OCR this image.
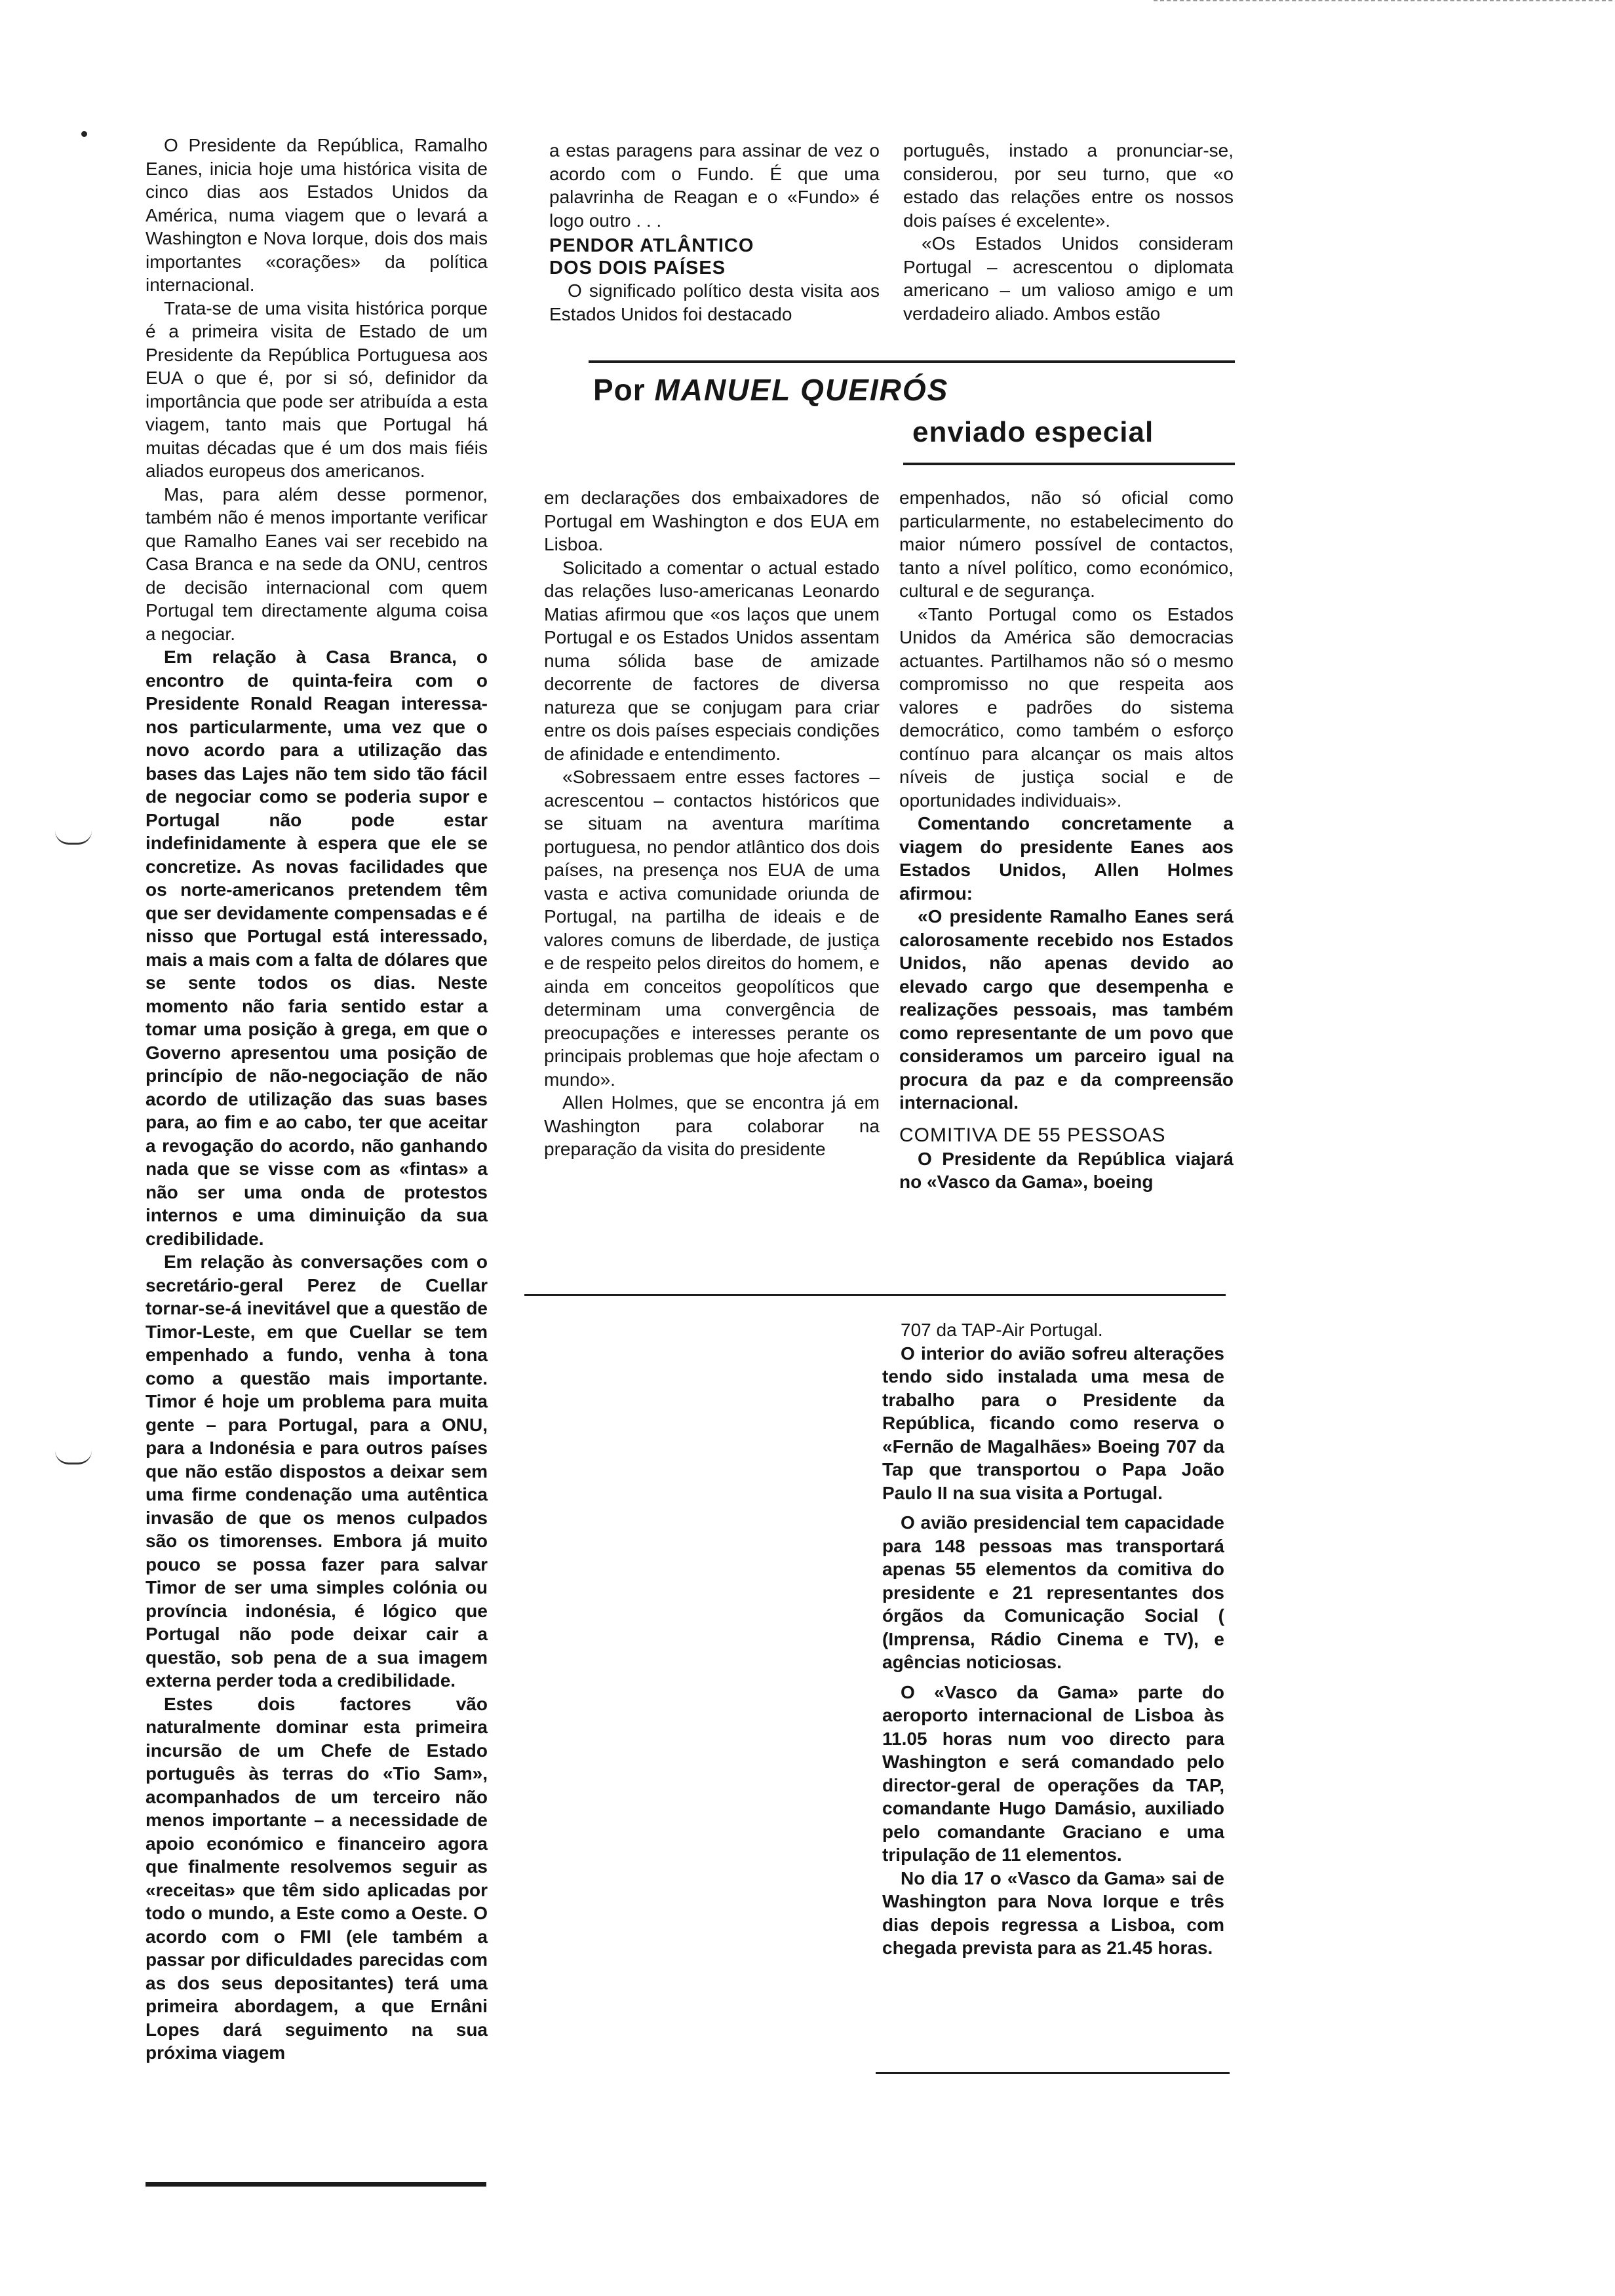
O Presidente da República, Ramalho Eanes, inicia hoje uma histórica visita de cinco dias aos Estados Unidos da América, numa viagem que o levará a Washington e Nova Iorque, dois dos mais importantes «corações» da política internacional.

Trata-se de uma visita histórica porque é a primeira visita de Estado de um Presidente da República Portuguesa aos EUA o que é, por si só, definidor da importância que pode ser atribuída a esta viagem, tanto mais que Portugal há muitas décadas que é um dos mais fiéis aliados europeus dos americanos.

Mas, para além desse pormenor, também não é menos importante verificar que Ramalho Eanes vai ser recebido na Casa Branca e na sede da ONU, centros de decisão internacional com quem Portugal tem directamente alguma coisa a negociar.

Em relação à Casa Branca, o encontro de quinta-feira com o Presidente Ronald Reagan interessa-nos particularmente, uma vez que o novo acordo para a utilização das bases das Lajes não tem sido tão fácil de negociar como se poderia supor e Portugal não pode estar indefinidamente à espera que ele se concretize. As novas facilidades que os norte-americanos pretendem têm que ser devidamente compensadas e é nisso que Portugal está interessado, mais a mais com a falta de dólares que se sente todos os dias. Neste momento não faria sentido estar a tomar uma posição à grega, em que o Governo apresentou uma posição de princípio de não-negociação de não acordo de utilização das suas bases para, ao fim e ao cabo, ter que aceitar a revogação do acordo, não ganhando nada que se visse com as «fintas» a não ser uma onda de protestos internos e uma diminuição da sua credibilidade.

Em relação às conversações com o secretário-geral Perez de Cuellar tornar-se-á inevitável que a questão de Timor-Leste, em que Cuellar se tem empenhado a fundo, venha à tona como a questão mais importante. Timor é hoje um problema para muita gente – para Portugal, para a ONU, para a Indonésia e para outros países que não estão dispostos a deixar sem uma firme condenação uma autêntica invasão de que os menos culpados são os timorenses. Embora já muito pouco se possa fazer para salvar Timor de ser uma simples colónia ou província indonésia, é lógico que Portugal não pode deixar cair a questão, sob pena de a sua imagem externa perder toda a credibilidade.

Estes dois factores vão naturalmente dominar esta primeira incursão de um Chefe de Estado português às terras do «Tio Sam», acompanhados de um terceiro não menos importante – a necessidade de apoio económico e financeiro agora que finalmente resolvemos seguir as «receitas» que têm sido aplicadas por todo o mundo, a Este como a Oeste. O acordo com o FMI (ele também a passar por dificuldades parecidas com as dos seus depositantes) terá uma primeira abordagem, a que Ernâni Lopes dará seguimento na sua próxima viagem

a estas paragens para assinar de vez o acordo com o Fundo. É que uma palavrinha de Reagan e o «Fundo» é logo outro . . .

PENDOR ATLÂNTICO
DOS DOIS PAÍSES

O significado político desta visita aos Estados Unidos foi destacado

português, instado a pronunciar-se, considerou, por seu turno, que «o estado das relações entre os nossos dois países é excelente».

«Os Estados Unidos consideram Portugal – acrescentou o diplomata americano – um valioso amigo e um verdadeiro aliado. Ambos estão

Por MANUEL QUEIRÓS
enviado especial

em declarações dos embaixadores de Portugal em Washington e dos EUA em Lisboa.

Solicitado a comentar o actual estado das relações luso-americanas Leonardo Matias afirmou que «os laços que unem Portugal e os Estados Unidos assentam numa sólida base de amizade decorrente de factores de diversa natureza que se conjugam para criar entre os dois países especiais condições de afinidade e entendimento.

«Sobressaem entre esses factores – acrescentou – contactos históricos que se situam na aventura marítima portuguesa, no pendor atlântico dos dois países, na presença nos EUA de uma vasta e activa comunidade oriunda de Portugal, na partilha de ideais e de valores comuns de liberdade, de justiça e de respeito pelos direitos do homem, e ainda em conceitos geopolíticos que determinam uma convergência de preocupações e interesses perante os principais problemas que hoje afectam o mundo».

Allen Holmes, que se encontra já em Washington para colaborar na preparação da visita do presidente

empenhados, não só oficial como particularmente, no estabelecimento do maior número possível de contactos, tanto a nível político, como económico, cultural e de segurança.

«Tanto Portugal como os Estados Unidos da América são democracias actuantes. Partilhamos não só o mesmo compromisso no que respeita aos valores e padrões do sistema democrático, como também o esforço contínuo para alcançar os mais altos níveis de justiça social e de oportunidades individuais».

Comentando concretamente a viagem do presidente Eanes aos Estados Unidos, Allen Holmes afirmou:

«O presidente Ramalho Eanes será calorosamente recebido nos Estados Unidos, não apenas devido ao elevado cargo que desempenha e realizações pessoais, mas também como representante de um povo que consideramos um parceiro igual na procura da paz e da compreensão internacional.

COMITIVA DE 55 PESSOAS

O Presidente da República viajará no «Vasco da Gama», boeing

707 da TAP-Air Portugal.

O interior do avião sofreu alterações tendo sido instalada uma mesa de trabalho para o Presidente da República, ficando como reserva o «Fernão de Magalhães» Boeing 707 da Tap que transportou o Papa João Paulo II na sua visita a Portugal.

O avião presidencial tem capacidade para 148 pessoas mas transportará apenas 55 elementos da comitiva do presidente e 21 representantes dos órgãos da Comunicação Social ( (Imprensa, Rádio Cinema e TV), e agências noticiosas.

O «Vasco da Gama» parte do aeroporto internacional de Lisboa às 11.05 horas num voo directo para Washington e será comandado pelo director-geral de operações da TAP, comandante Hugo Damásio, auxiliado pelo comandante Graciano e uma tripulação de 11 elementos.

No dia 17 o «Vasco da Gama» sai de Washington para Nova Iorque e três dias depois regressa a Lisboa, com chegada prevista para as 21.45 horas.
